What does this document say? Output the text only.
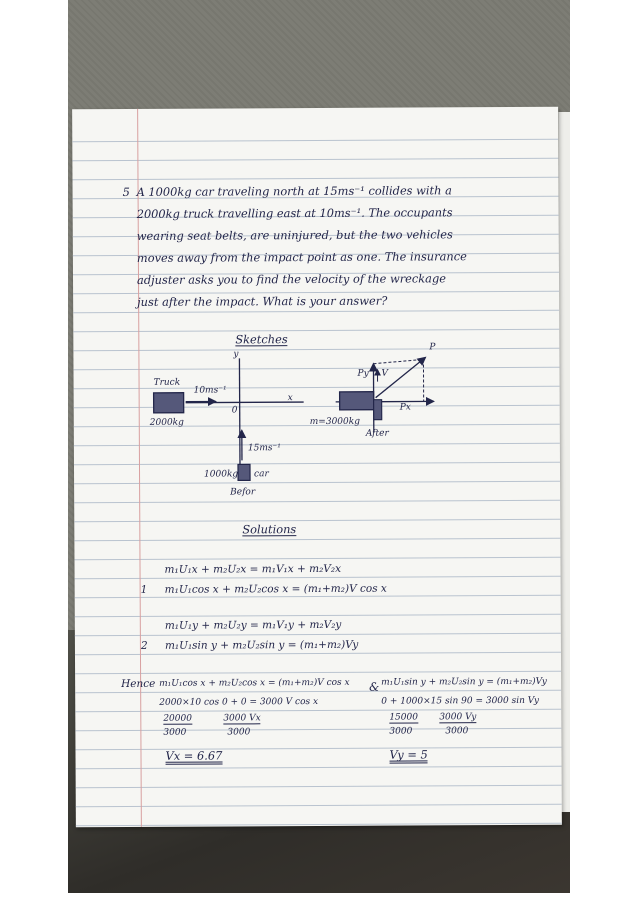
5 A 1000kg car traveling north at 15ms⁻¹ collides with a
2000kg truck travelling east at 10ms⁻¹. The occupants
wearing seat belts, are uninjured, but the two vehicles
moves away from the impact point as one. The insurance
adjuster asks you to find the velocity of the wreckage
just after the impact. What is your answer?
Sketches
Truck
10ms⁻¹
2000kg
y
x
0
15ms⁻¹
1000kg car
Befor
m=3000kg
After
P
Py V
Px
Solutions
m₁U₁x + m₂U₂x = m₁V₁x + m₂V₂x
1 m₁U₁cos x + m₂U₂cos x = (m₁+m₂)V cos x
m₁U₁y + m₂U₂y = m₁V₁y + m₂V₂y
2 m₁U₁sin y + m₂U₂sin y = (m₁+m₂)Vy
Hence m₁U₁cos x + m₂U₂cos x = (m₁+m₂)V cos x
2000×10 cos 0 + 0 = 3000 V cos x
20000
3000
3000 Vx
3000
Vx = 6.67
& m₁U₁sin y + m₂U₂sin y = (m₁+m₂)Vy
0 + 1000×15 sin 90 = 3000 sin Vy
15000
3000
3000 Vy
3000
Vy = 5
